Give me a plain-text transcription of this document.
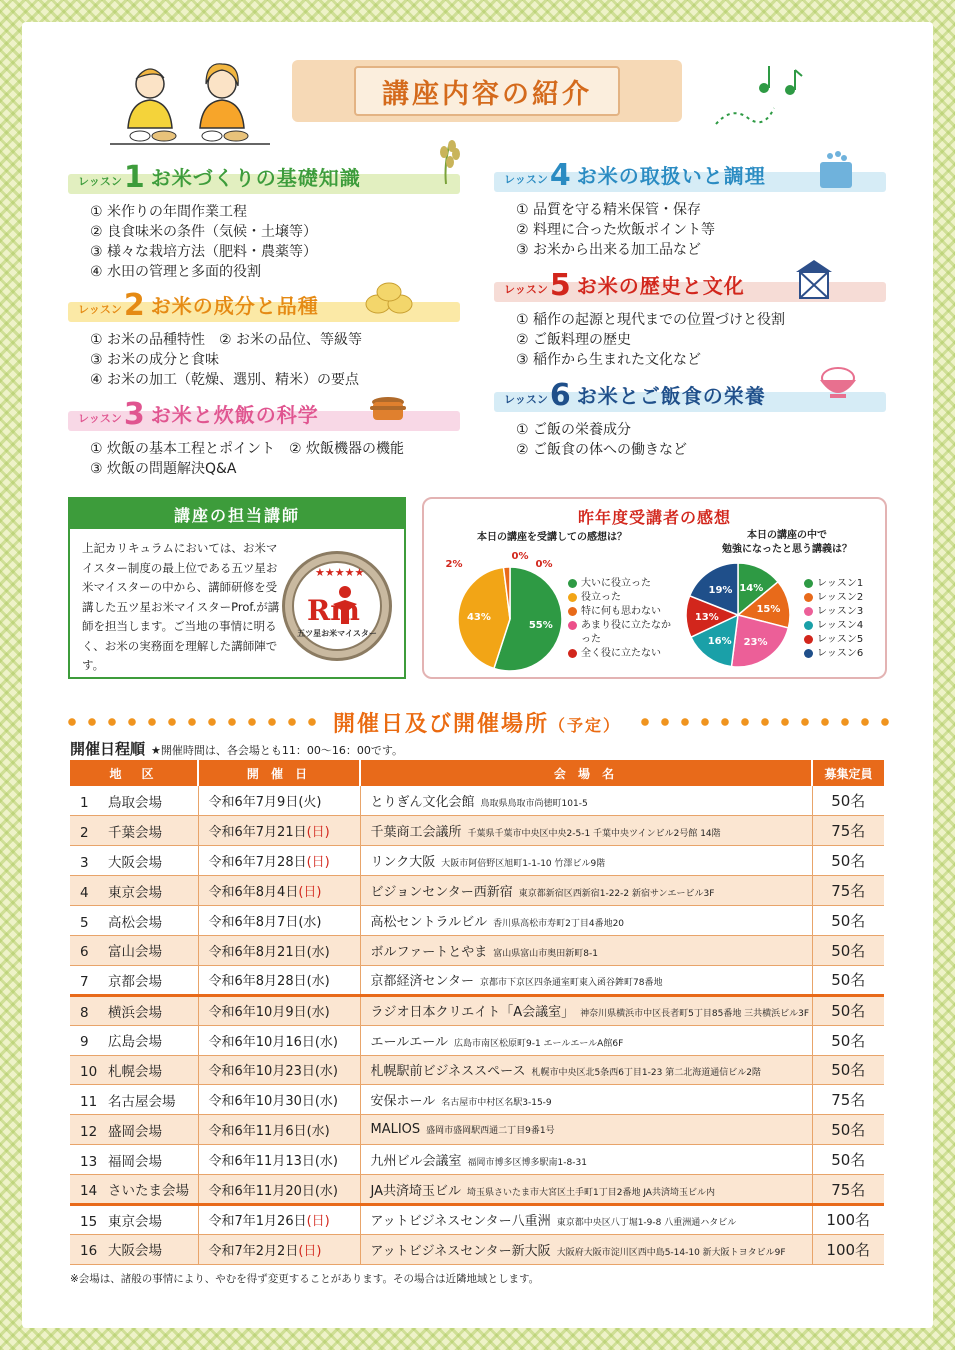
講座内容の紹介
レッスン 1 お米づくりの基礎知識
① 米作りの年間作業工程
② 良食味米の条件（気候・土壌等）
③ 様々な栽培方法（肥料・農薬等）
④ 水田の管理と多面的役割
レッスン 2 お米の成分と品種
① お米の品種特性　② お米の品位、等級等
③ お米の成分と食味
④ お米の加工（乾燥、選別、精米）の要点
レッスン 3 お米と炊飯の科学
① 炊飯の基本工程とポイント　② 炊飯機器の機能
③ 炊飯の問題解決Q&A
レッスン 4 お米の取扱いと調理
① 品質を守る精米保管・保存
② 料理に合った炊飯ポイント等
③ お米から出来る加工品など
レッスン 5 お米の歴史と文化
① 稲作の起源と現代までの位置づけと役割
② ご飯料理の歴史
③ 稲作から生まれた文化など
レッスン 6 お米とご飯食の栄養
① ご飯の栄養成分
② ご飯食の体への働きなど
講座の担当講師
上記カリキュラムにおいては、お米マイスター制度の最上位である五ツ星お米マイスターの中から、講師研修を受講した五ツ星お米マイスターProf.が講師を担当します。ご当地の事情に明るく、お米の実務面を理解した講師陣です。
★★★★★
Rm
五ツ星お米マイスター
昨年度受講者の感想
本日の講座を受講しての感想は？	本日の講座の中で
勉強になったと思う講義は？
55%
43%
2%
0%
0%
14%
15%
23%
16%
13%
19%
大いに役立った
役立った
特に何も思わない
あまり役に立たなかった
全く役に立たない
レッスン1
レッスン2
レッスン3
レッスン4
レッスン5
レッスン6
開催日及び開催場所（予定）
開催日程順 ★開催時間は、各会場とも11：00〜16：00です。
地　区	開 催 日	会 場 名	募集定員
1 鳥取会場	令和6年7月9日(火)	とりぎん文化会館 鳥取県鳥取市尚徳町101-5	50名
2 千葉会場	令和6年7月21日(日)	千葉商工会議所 千葉県千葉市中央区中央2-5-1 千葉中央ツインビル2号館 14階	75名
3 大阪会場	令和6年7月28日(日)	リンク大阪 大阪市阿倍野区旭町1-1-10 竹澤ビル9階	50名
4 東京会場	令和6年8月4日(日)	ビジョンセンター西新宿 東京都新宿区西新宿1-22-2 新宿サンエービル3F	75名
5 高松会場	令和6年8月7日(水)	高松セントラルビル 香川県高松市寿町2丁目4番地20	50名
6 富山会場	令和6年8月21日(水)	ボルファートとやま 富山県富山市奥田新町8-1	50名
7 京都会場	令和6年8月28日(水)	京都経済センター 京都市下京区四条通室町東入函谷鉾町78番地	50名
8 横浜会場	令和6年10月9日(水)	ラジオ日本クリエイト「A会議室」 神奈川県横浜市中区長者町5丁目85番地 三共横浜ビル3F	50名
9 広島会場	令和6年10月16日(水)	エールエール 広島市南区松原町9-1 エールエールA館6F	50名
10 札幌会場	令和6年10月23日(水)	札幌駅前ビジネススペース 札幌市中央区北5条西6丁目1-23 第二北海道通信ビル2階	50名
11 名古屋会場	令和6年10月30日(水)	安保ホール 名古屋市中村区名駅3-15-9	75名
12 盛岡会場	令和6年11月6日(水)	MALIOS 盛岡市盛岡駅西通二丁目9番1号	50名
13 福岡会場	令和6年11月13日(水)	九州ビル会議室 福岡市博多区博多駅南1-8-31	50名
14 さいたま会場	令和6年11月20日(水)	JA共済埼玉ビル 埼玉県さいたま市大宮区土手町1丁目2番地 JA共済埼玉ビル内	75名
15 東京会場	令和7年1月26日(日)	アットビジネスセンター八重洲 東京都中央区八丁堀1-9-8 八重洲通ハタビル	100名
16 大阪会場	令和7年2月2日(日)	アットビジネスセンター新大阪 大阪府大阪市淀川区西中島5-14-10 新大阪トヨタビル9F	100名
※会場は、諸般の事情により、やむを得ず変更することがあります。その場合は近隣地域とします。
